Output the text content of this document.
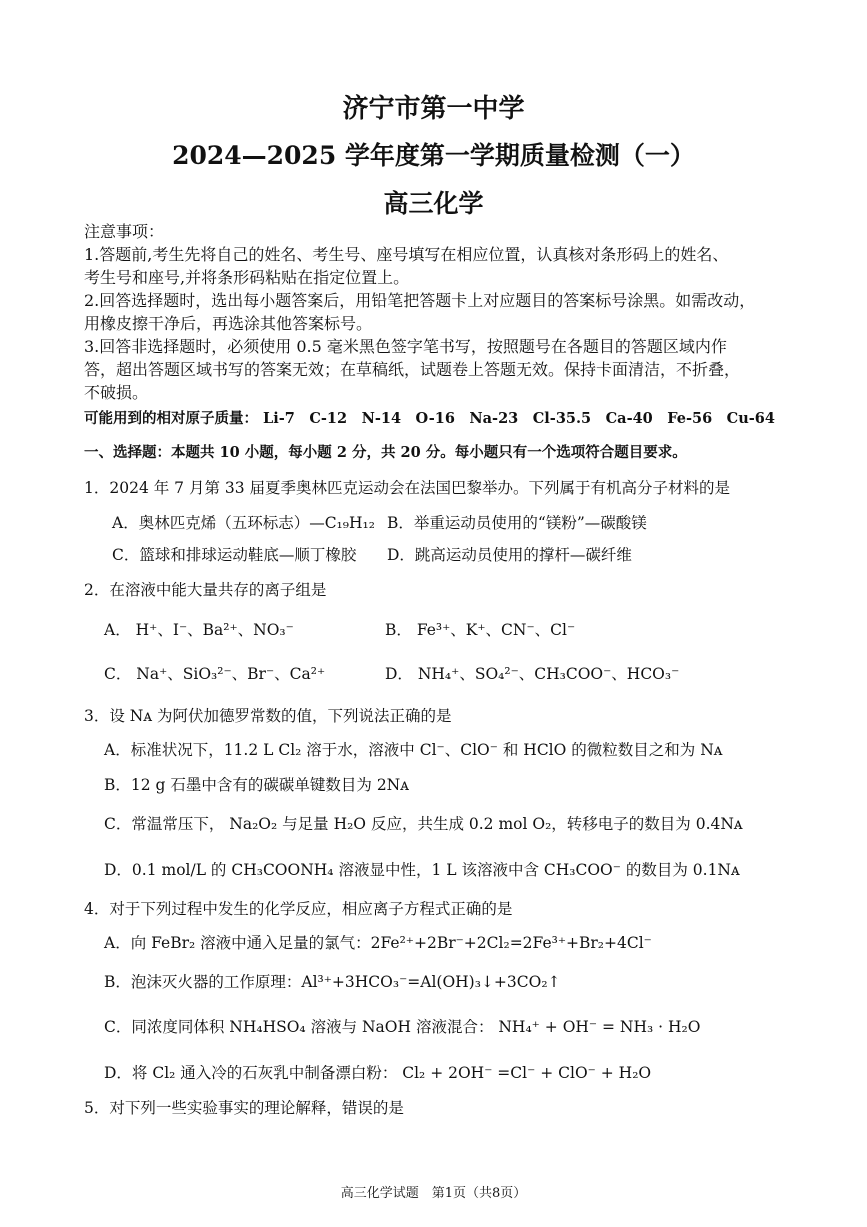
济宁市第一中学
2024—2025 学年度第一学期质量检测（一）
高三化学
注意事项：
1.答题前,考生先将自己的姓名、考生号、座号填写在相应位置，认真核对条形码上的姓名、
考生号和座号,并将条形码粘贴在指定位置上。
2.回答选择题时，选出每小题答案后，用铅笔把答题卡上对应题目的答案标号涂黑。如需改动，
用橡皮擦干净后，再选涂其他答案标号。
3.回答非选择题时，必须使用 0.5 毫米黑色签字笔书写，按照题号在各题目的答题区域内作
答，超出答题区域书写的答案无效；在草稿纸，试题卷上答题无效。保持卡面清洁，不折叠，
不破损。
可能用到的相对原子质量： Li-7　C-12　N-14　O-16　Na-23　Cl-35.5　Ca-40　Fe-56　Cu-64
一、选择题：本题共 10 小题，每小题 2 分，共 20 分。每小题只有一个选项符合题目要求。
1．2024 年 7 月第 33 届夏季奥林匹克运动会在法国巴黎举办。下列属于有机高分子材料的是
A．奥林匹克烯（五环标志）—C₁₉H₁₂ B．举重运动员使用的“镁粉”—碳酸镁
C．篮球和排球运动鞋底—顺丁橡胶 D．跳高运动员使用的撑杆—碳纤维
2．在溶液中能大量共存的离子组是
A． H⁺、I⁻、Ba²⁺、NO₃⁻	B． Fe³⁺、K⁺、CN⁻、Cl⁻
C． Na⁺、SiO₃²⁻、Br⁻、Ca²⁺	D． NH₄⁺、SO₄²⁻、CH₃COO⁻、HCO₃⁻
3．设 Nᴀ 为阿伏加德罗常数的值，下列说法正确的是
A．标准状况下，11.2 L Cl₂ 溶于水，溶液中 Cl⁻、ClO⁻ 和 HClO 的微粒数目之和为 Nᴀ
B．12 g 石墨中含有的碳碳单键数目为 2Nᴀ
C．常温常压下， Na₂O₂ 与足量 H₂O 反应，共生成 0.2 mol O₂，转移电子的数目为 0.4Nᴀ
D．0.1 mol/L 的 CH₃COONH₄ 溶液显中性，1 L 该溶液中含 CH₃COO⁻ 的数目为 0.1Nᴀ
4．对于下列过程中发生的化学反应，相应离子方程式正确的是
A．向 FeBr₂ 溶液中通入足量的氯气：2Fe²⁺+2Br⁻+2Cl₂=2Fe³⁺+Br₂+4Cl⁻
B．泡沫灭火器的工作原理：Al³⁺+3HCO₃⁻=Al(OH)₃↓+3CO₂↑
C．同浓度同体积 NH₄HSO₄ 溶液与 NaOH 溶液混合： NH₄⁺ + OH⁻ = NH₃ · H₂O
D．将 Cl₂ 通入冷的石灰乳中制备漂白粉： Cl₂ + 2OH⁻ =Cl⁻ + ClO⁻ + H₂O
5．对下列一些实验事实的理论解释，错误的是
高三化学试题　第1页（共8页）
